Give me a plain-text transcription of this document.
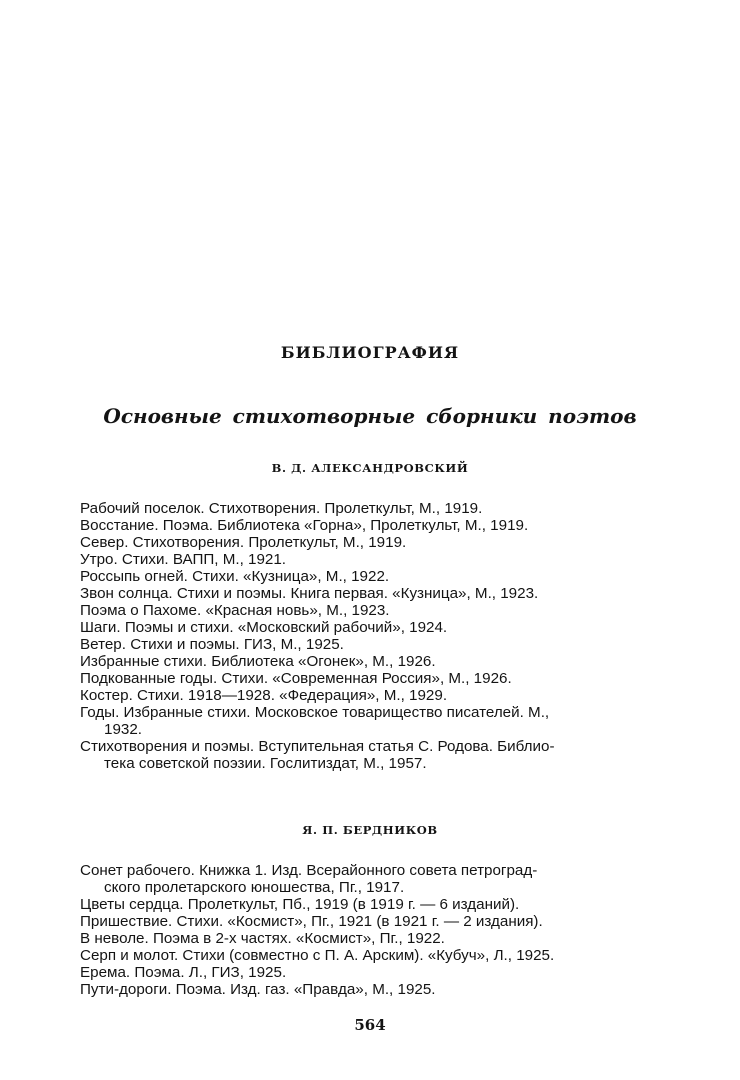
БИБЛИОГРАФИЯ
Основные стихотворные сборники поэтов
В. Д. АЛЕКСАНДРОВСКИЙ
Рабочий поселок. Стихотворения. Пролеткульт, М., 1919.
Восстание. Поэма. Библиотека «Горна», Пролеткульт, М., 1919.
Север. Стихотворения. Пролеткульт, М., 1919.
Утро. Стихи. ВАПП, М., 1921.
Россыпь огней. Стихи. «Кузница», М., 1922.
Звон солнца. Стихи и поэмы. Книга первая. «Кузница», М., 1923.
Поэма о Пахоме. «Красная новь», М., 1923.
Шаги. Поэмы и стихи. «Московский рабочий», 1924.
Ветер. Стихи и поэмы. ГИЗ, М., 1925.
Избранные стихи. Библиотека «Огонек», М., 1926.
Подкованные годы. Стихи. «Современная Россия», М., 1926.
Костер. Стихи. 1918—1928. «Федерация», М., 1929.
Годы. Избранные стихи. Московское товарищество писателей. М.,
1932.
Стихотворения и поэмы. Вступительная статья С. Родова. Библио-
тека советской поэзии. Гослитиздат, М., 1957.
Я. П. БЕРДНИКОВ
Сонет рабочего. Книжка 1. Изд. Всерайонного совета петроград-
ского пролетарского юношества, Пг., 1917.
Цветы сердца. Пролеткульт, Пб., 1919 (в 1919 г. — 6 изданий).
Пришествие. Стихи. «Космист», Пг., 1921 (в 1921 г. — 2 издания).
В неволе. Поэма в 2-х частях. «Космист», Пг., 1922.
Серп и молот. Стихи (совместно с П. А. Арским). «Кубуч», Л., 1925.
Ерема. Поэма. Л., ГИЗ, 1925.
Пути-дороги. Поэма. Изд. газ. «Правда», М., 1925.
564
